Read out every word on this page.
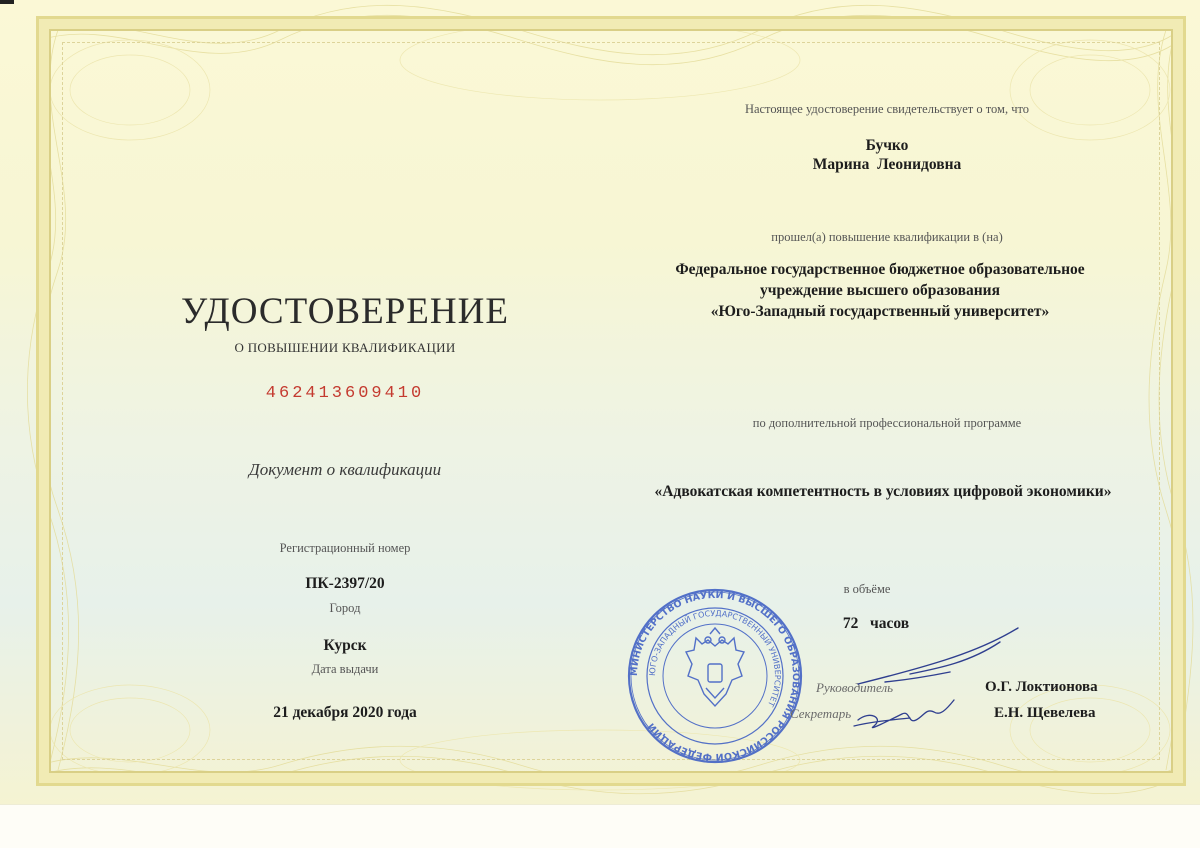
УДОСТОВЕРЕНИЕ
О ПОВЫШЕНИИ КВАЛИФИКАЦИИ
462413609410
Документ о квалификации
Регистрационный номер
ПК-2397/20
Город
Курск
Дата выдачи
21 декабря 2020 года
Настоящее удостоверение свидетельствует о том, что
Бучко
Марина  Леонидовна
прошел(а) повышение квалификации в (на)
Федеральное государственное бюджетное образовательное
учреждение высшего образования
«Юго-Западный государственный университет»
по дополнительной профессиональной программе
«Адвокатская компетентность в условиях цифровой экономики»
в объёме
72   часов
МИНИСТЕРСТВО НАУКИ И ВЫСШЕГО ОБРАЗОВАНИЯ РОССИЙСКОЙ ФЕДЕРАЦИИ
ЮГО-ЗАПАДНЫЙ ГОСУДАРСТВЕННЫЙ УНИВЕРСИТЕТ
Руководитель
Секретарь
О.Г. Локтионова
Е.Н. Щевелева
